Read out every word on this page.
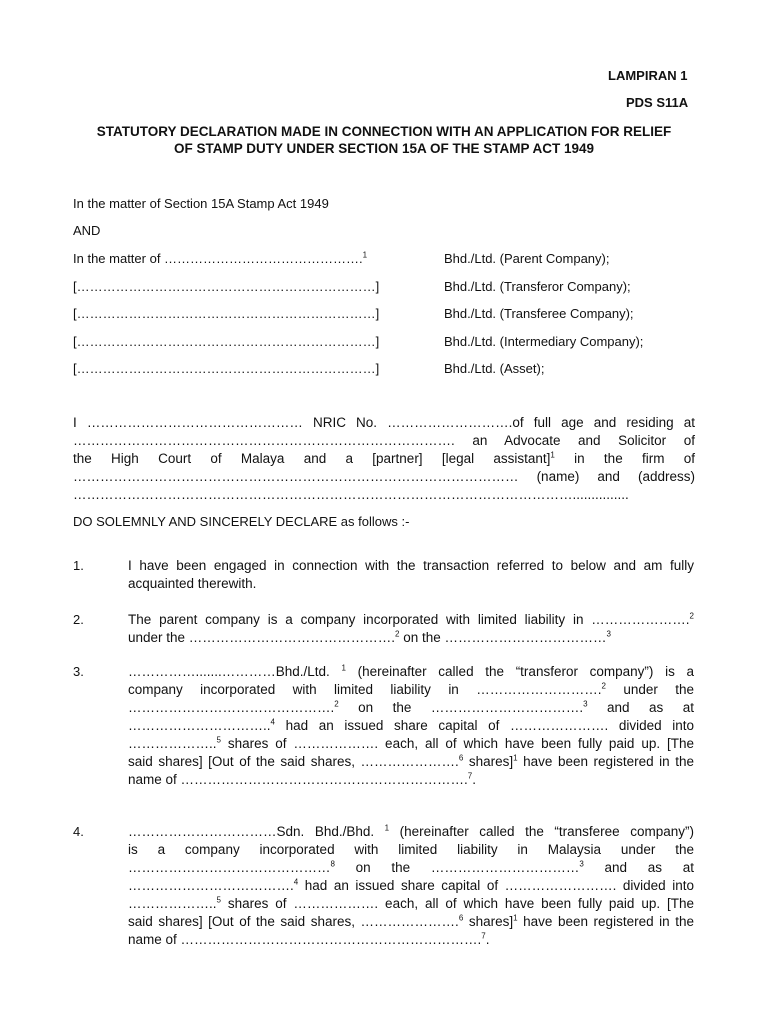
LAMPIRAN 1
PDS S11A
STATUTORY DECLARATION MADE IN CONNECTION WITH AN APPLICATION FOR RELIEF
OF STAMP DUTY UNDER SECTION 15A OF THE STAMP ACT 1949
In the matter of Section 15A Stamp Act 1949
AND
In the matter of ……………………………………….$^1$	Bhd./Ltd. (Parent Company);
[……………………………………………………………]	Bhd./Ltd. (Transferor Company);
[……………………………………………………………]	Bhd./Ltd. (Transferee Company);
[……………………………………………………………]	Bhd./Ltd. (Intermediary Company);
[……………………………………………………………]	Bhd./Ltd. (Asset);
I ………………………………………… NRIC No. ……………………….of full age and residing at
…………………………………………………………………………. an Advocate and Solicitor of
the High Court of Malaya and a [partner] [legal assistant]$^1$ in the firm of
……………………………………………………………………………………… (name) and (address)
…………………………………………………………………………………………………...............
DO SOLEMNLY AND SINCERELY DECLARE as follows :-
1.	I have been engaged in connection with the transaction referred to below and am fully
acquainted therewith.
2.	The parent company is a company incorporated with limited liability in ………………….$^2$
under the ……………………………………….$^2$ on the ………………………………$^3$
3.	…………….......…………Bhd./Ltd. $^1$ (hereinafter called the “transferor company”) is a
company incorporated with limited liability in ……………………….$^2$ under the
……………………………………….$^2$ on the …………………………….$^3$ and as at
…………………………..$^4$ had an issued share capital of …………………. divided into
………………..$^5$ shares of ………………. each, all of which have been fully paid up. [The
said shares] [Out of the said shares, ………………….$^6$ shares]$^1$ have been registered in the
name of ……………………………………………………….$^7$.
4.	……………………………Sdn. Bhd./Bhd. $^1$ (hereinafter called the “transferee company”)
is a company incorporated with limited liability in Malaysia under the
………………………………………$^8$ on the ……………………………$^3$ and as at
……………………………….$^4$ had an issued share capital of ……………………. divided into
………………..$^5$ shares of ………………. each, all of which have been fully paid up. [The
said shares] [Out of the said shares, ………………….$^6$ shares]$^1$ have been registered in the
name of ………………………………………………………….$^7$.
